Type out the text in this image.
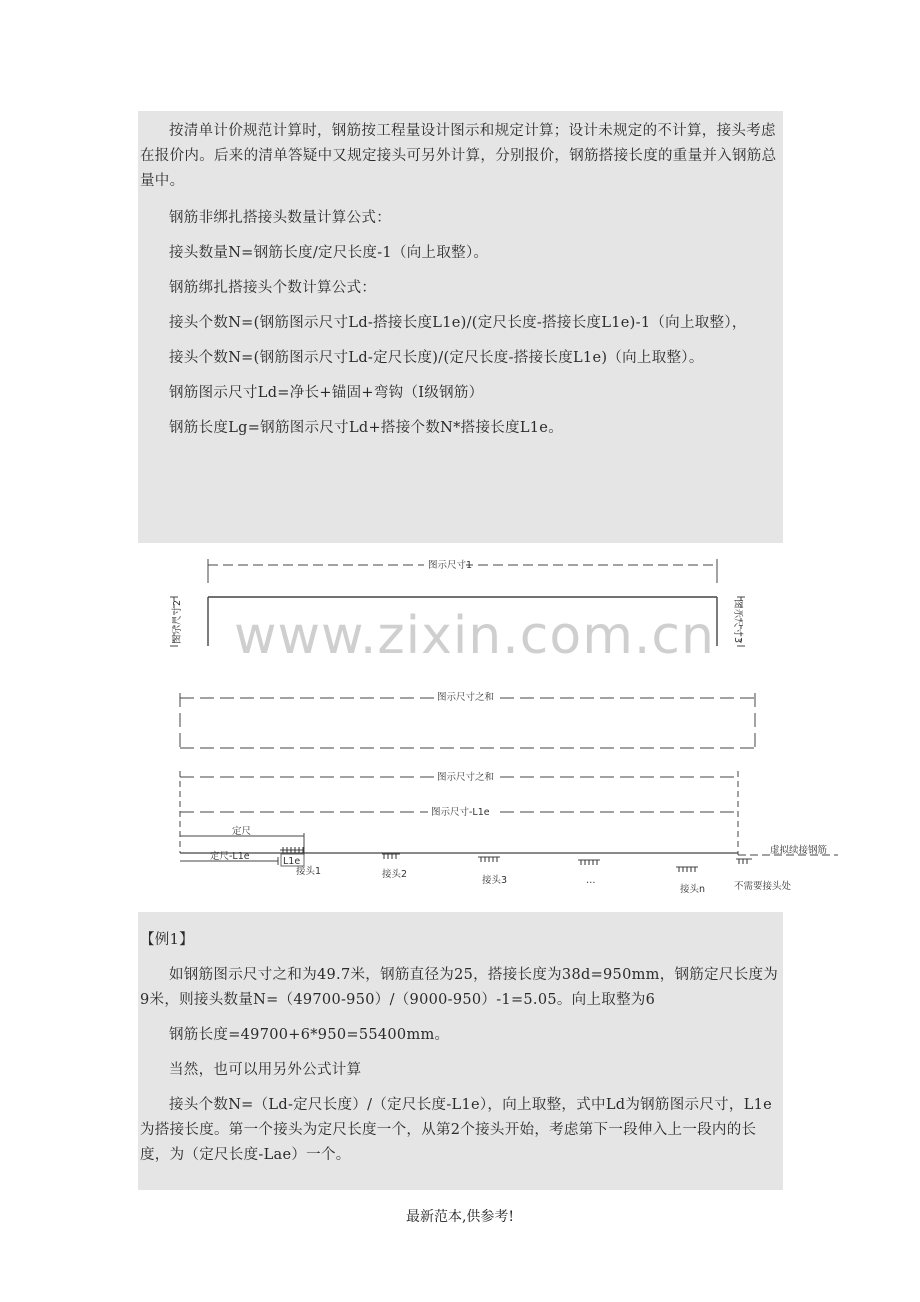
按清单计价规范计算时，钢筋按工程量设计图示和规定计算；设计未规定的不计算，接头考虑在报价内。后来的清单答疑中又规定接头可另外计算，分别报价，钢筋搭接长度的重量并入钢筋总量中。

钢筋非绑扎搭接头数量计算公式：

接头数量N=钢筋长度/定尺长度-1（向上取整）。

钢筋绑扎搭接头个数计算公式：

接头个数N=(钢筋图示尺寸Ld-搭接长度L1e)/(定尺长度-搭接长度L1e)-1（向上取整），

接头个数N=(钢筋图示尺寸Ld-定尺长度)/(定尺长度-搭接长度L1e)（向上取整）。

钢筋图示尺寸Ld=净长+锚固+弯钩（I级钢筋）

钢筋长度Lg=钢筋图示尺寸Ld+搭接个数N*搭接长度L1e。

www.zixin.com.cn
图示尺寸1
图示尺寸2	图示尺寸3
图示尺寸之和
图示尺寸之和
图示尺寸-L1e
定尺
定尺-L1e	L1e
接头1	接头2
接头3	…
接头n	不需要接头处
虚拟续接钢筋

【例1】

如钢筋图示尺寸之和为49.7米，钢筋直径为25，搭接长度为38d=950mm，钢筋定尺长度为9米，则接头数量N=（49700-950）/（9000-950）-1=5.05。向上取整为6

钢筋长度=49700+6*950=55400mm。

当然，也可以用另外公式计算

接头个数N=（Ld-定尺长度）/（定尺长度-L1e），向上取整，式中Ld为钢筋图示尺寸，L1e为搭接长度。第一个接头为定尺长度一个，从第2个接头开始，考虑第下一段伸入上一段内的长度，为（定尺长度-Lae）一个。

最新范本,供参考!
